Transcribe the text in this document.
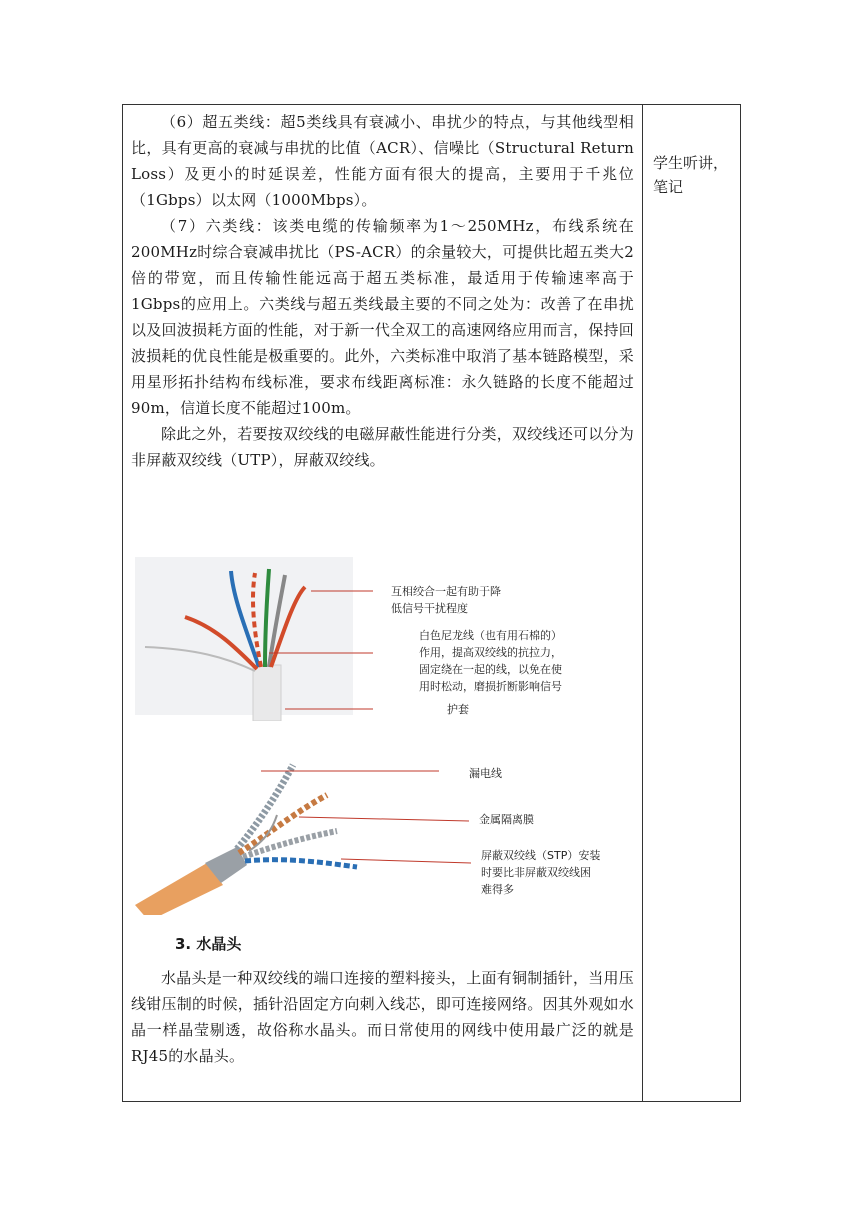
（6）超五类线：超5类线具有衰减小、串扰少的特点，与其他线型相比，具有更高的衰减与串扰的比值（ACR）、信噪比（Structural Return Loss）及更小的时延误差，性能方面有很大的提高，主要用于千兆位（1Gbps）以太网（1000Mbps）。

（7）六类线：该类电缆的传输频率为1～250MHz，布线系统在200MHz时综合衰减串扰比（PS-ACR）的余量较大，可提供比超五类大2倍的带宽，而且传输性能远高于超五类标准，最适用于传输速率高于1Gbps的应用上。六类线与超五类线最主要的不同之处为：改善了在串扰以及回波损耗方面的性能，对于新一代全双工的高速网络应用而言，保持回波损耗的优良性能是极重要的。此外，六类标准中取消了基本链路模型，采用星形拓扑结构布线标准，要求布线距离标准：永久链路的长度不能超过90m，信道长度不能超过100m。

除此之外，若要按双绞线的电磁屏蔽性能进行分类，双绞线还可以分为非屏蔽双绞线（UTP），屏蔽双绞线。

学生听讲，笔记
互相绞合一起有助于降
低信号干扰程度
白色尼龙线（也有用石棉的）
作用，提高双绞线的抗拉力，
固定绕在一起的线，以免在使
用时松动，磨损折断影响信号
护套
漏电线
金属隔离膜
屏蔽双绞线（STP）安装
时要比非屏蔽双绞线困
难得多
3. 水晶头

水晶头是一种双绞线的端口连接的塑料接头，上面有铜制插针，当用压线钳压制的时候，插针沿固定方向刺入线芯，即可连接网络。因其外观如水晶一样晶莹剔透，故俗称水晶头。而日常使用的网线中使用最广泛的就是RJ45的水晶头。
